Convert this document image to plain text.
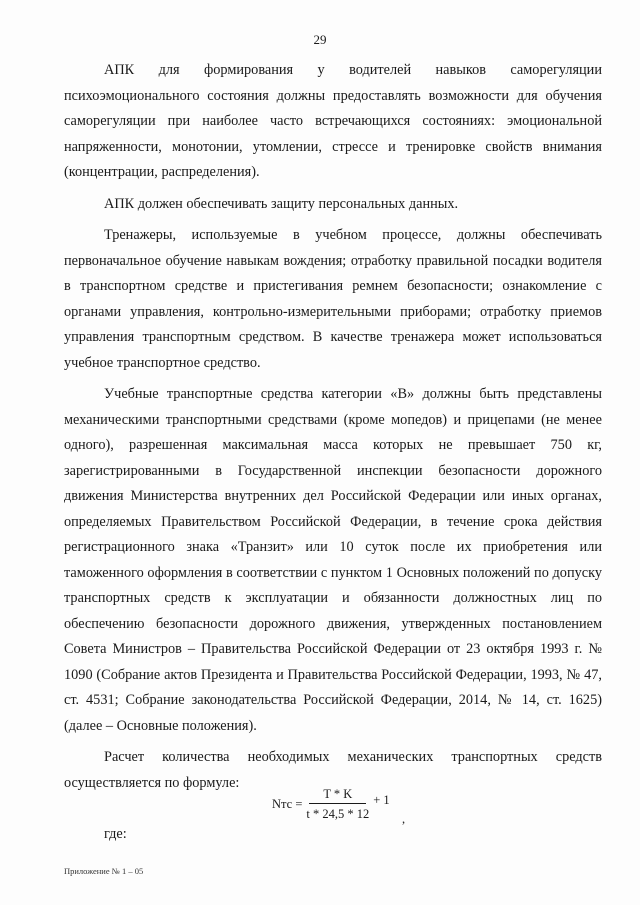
29

АПК для формирования у водителей навыков саморегуляции психоэмоционального состояния должны предоставлять возможности для обучения саморегуляции при наиболее часто встречающихся состояниях: эмоциональной напряженности, монотонии, утомлении, стрессе и тренировке свойств внимания (концентрации, распределения).

АПК должен обеспечивать защиту персональных данных.

Тренажеры, используемые в учебном процессе, должны обеспечивать первоначальное обучение навыкам вождения; отработку правильной посадки водителя в транспортном средстве и пристегивания ремнем безопасности; ознакомление с органами управления, контрольно-измерительными приборами; отработку приемов управления транспортным средством. В качестве тренажера может использоваться учебное транспортное средство.

Учебные транспортные средства категории «В» должны быть представлены механическими транспортными средствами (кроме мопедов) и прицепами (не менее одного), разрешенная максимальная масса которых не превышает 750 кг, зарегистрированными в Государственной инспекции безопасности дорожного движения Министерства внутренних дел Российской Федерации или иных органах, определяемых Правительством Российской Федерации, в течение срока действия регистрационного знака «Транзит» или 10 суток после их приобретения или таможенного оформления в соответствии с пунктом 1 Основных положений по допуску транспортных средств к эксплуатации и обязанности должностных лиц по обеспечению безопасности дорожного движения, утвержденных постановлением Совета Министров – Правительства Российской Федерации от 23 октября 1993 г. № 1090 (Собрание актов Президента и Правительства Российской Федерации, 1993, № 47, ст. 4531; Собрание законодательства Российской Федерации, 2014, № 14, ст. 1625) (далее – Основные положения).

Расчет количества необходимых механических транспортных средств осуществляется по формуле:

Nтс = $\frac{T * K}{t * 24,5 * 12} + 1$
,
где:
Приложение № 1 – 05
